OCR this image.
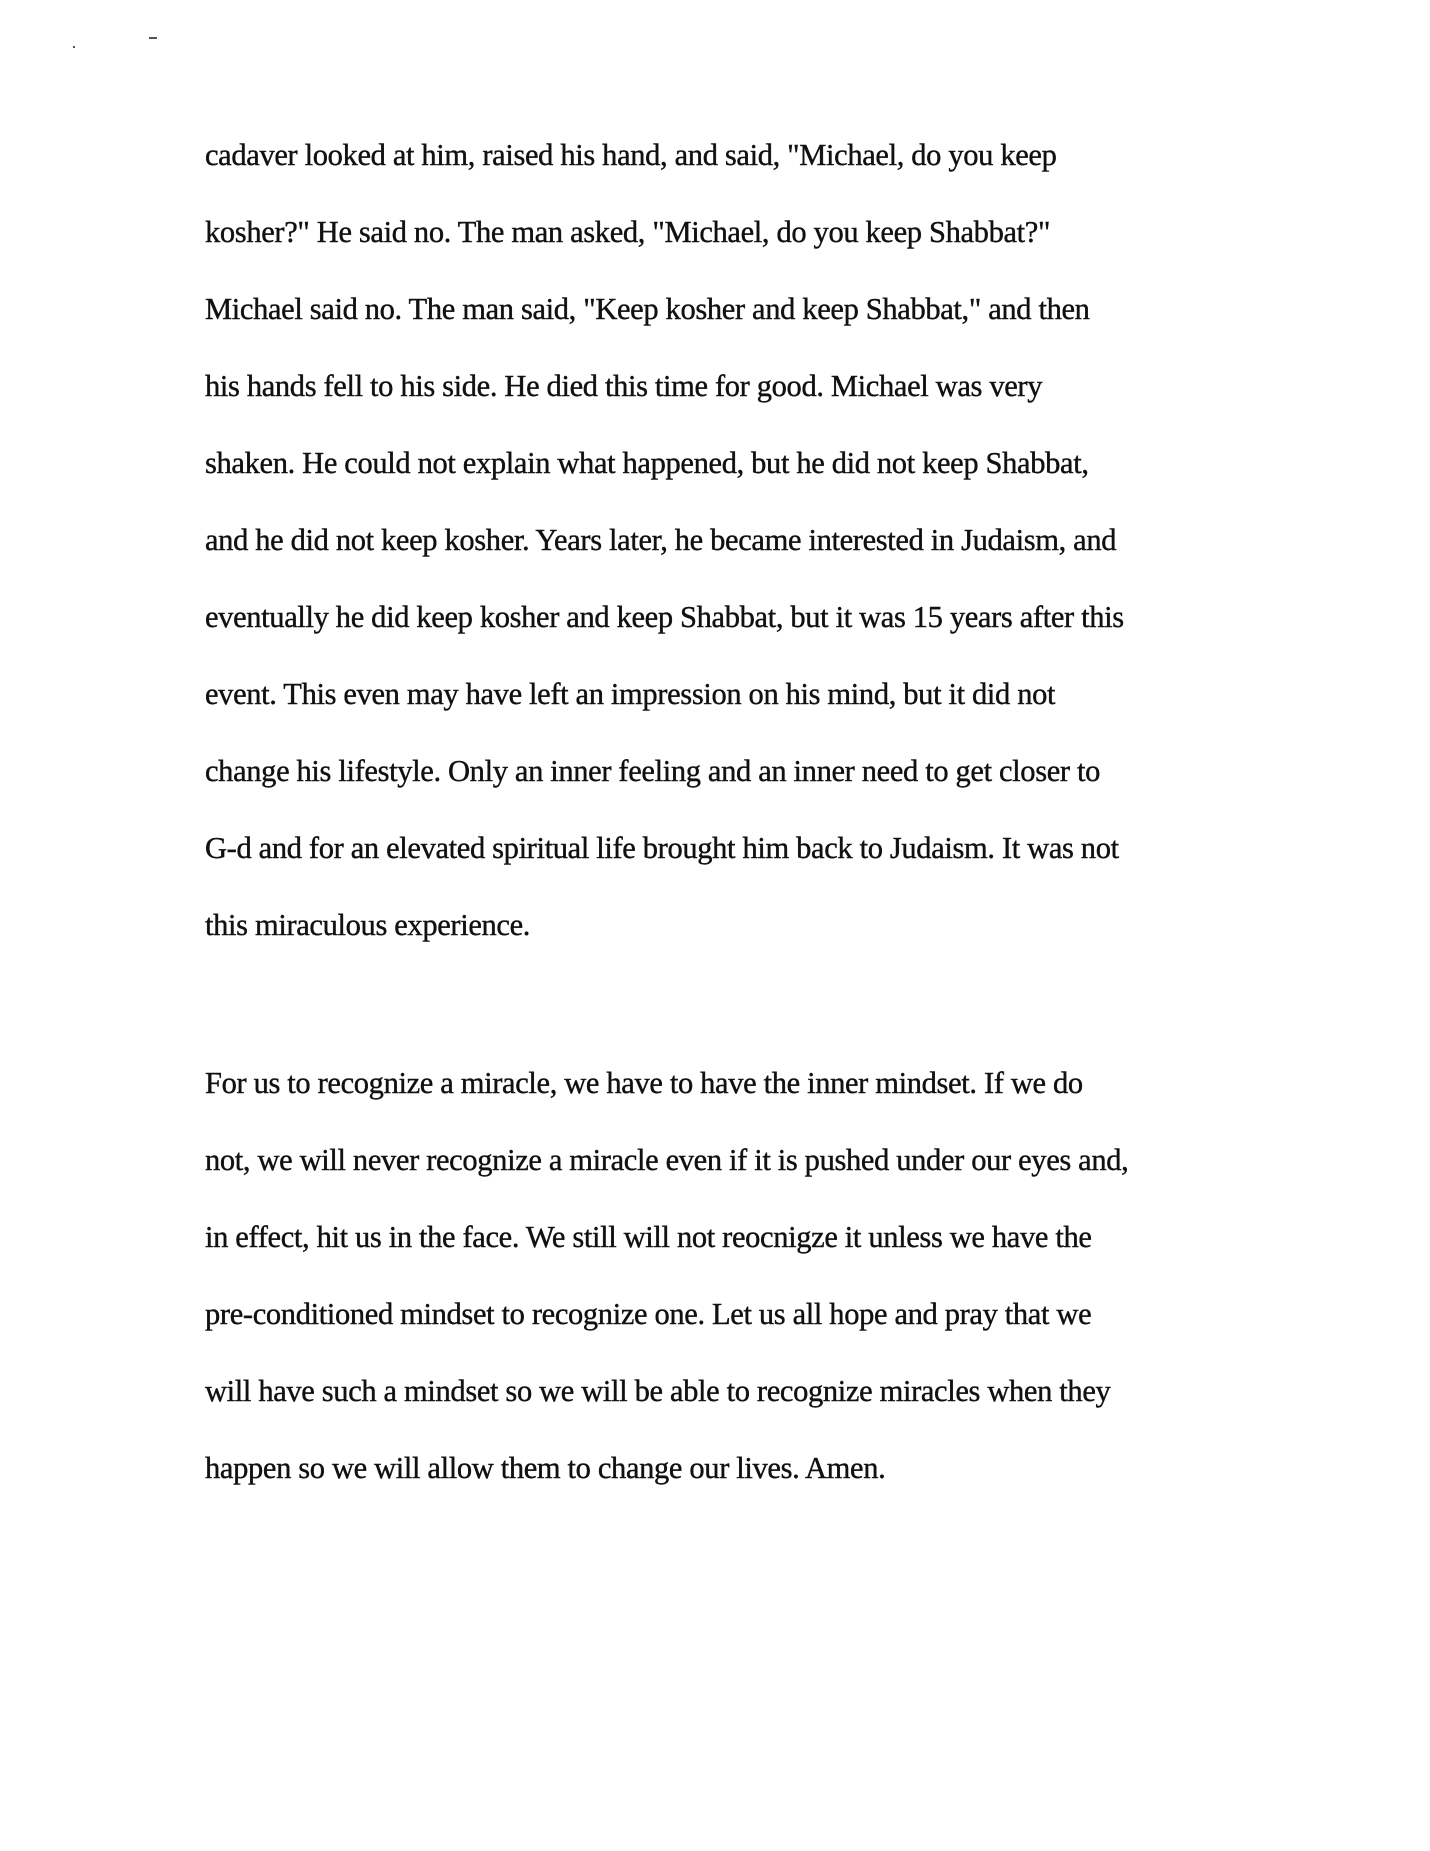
cadaver looked at him, raised his hand, and said, "Michael, do you keep
kosher?" He said no. The man asked, "Michael, do you keep Shabbat?"
Michael said no. The man said, "Keep kosher and keep Shabbat," and then
his hands fell to his side. He died this time for good. Michael was very
shaken. He could not explain what happened, but he did not keep Shabbat,
and he did not keep kosher. Years later, he became interested in Judaism, and
eventually he did keep kosher and keep Shabbat, but it was 15 years after this
event. This even may have left an impression on his mind, but it did not
change his lifestyle. Only an inner feeling and an inner need to get closer to
G-d and for an elevated spiritual life brought him back to Judaism. It was not
this miraculous experience.
For us to recognize a miracle, we have to have the inner mindset. If we do
not, we will never recognize a miracle even if it is pushed under our eyes and,
in effect, hit us in the face. We still will not reocnigze it unless we have the
pre-conditioned mindset to recognize one. Let us all hope and pray that we
will have such a mindset so we will be able to recognize miracles when they
happen so we will allow them to change our lives. Amen.
